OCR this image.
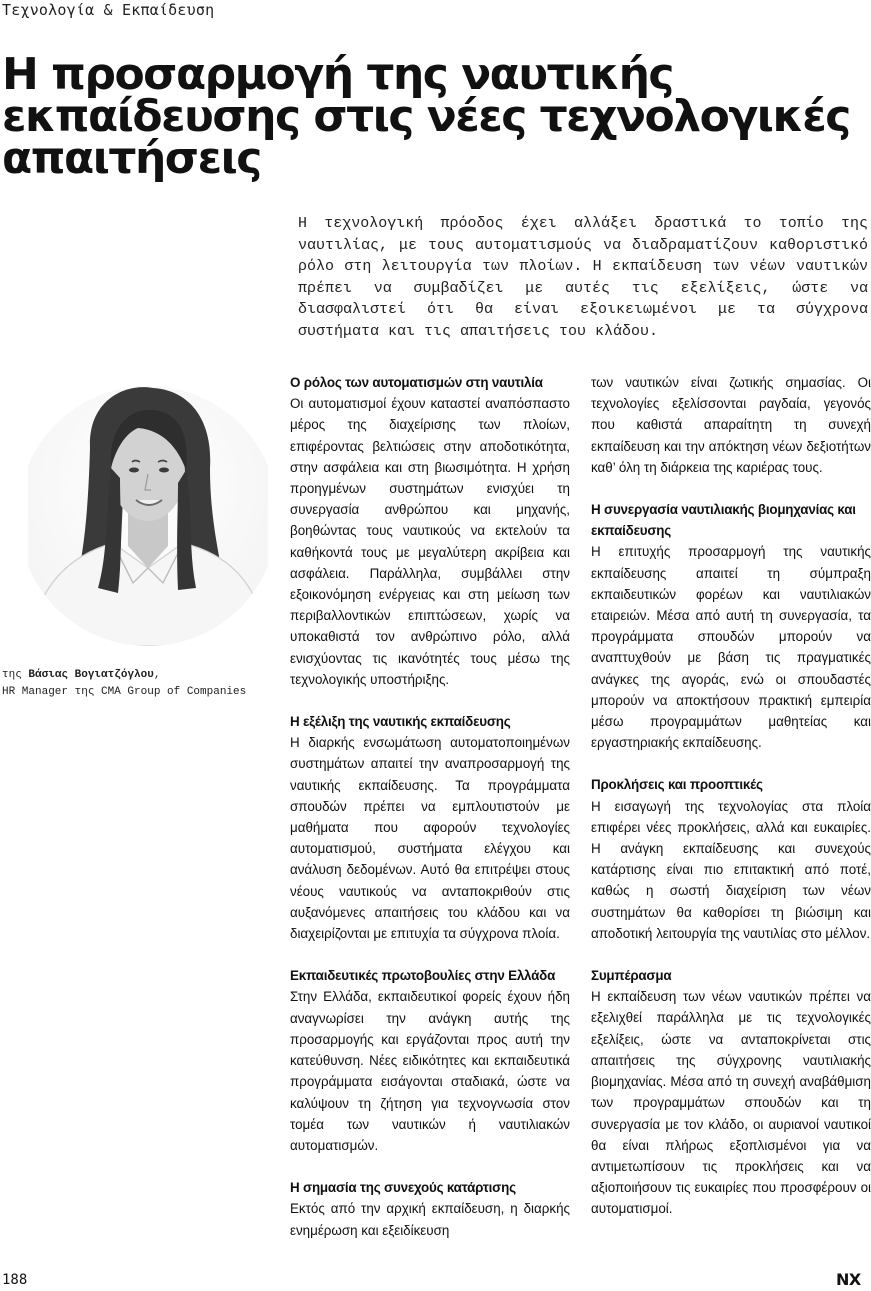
Τεχνολογία & Εκπαίδευση
Η προσαρμογή της ναυτικής εκπαίδευσης στις νέες τεχνολογικές απαιτήσεις
Η τεχνολογική πρόοδος έχει αλλάξει δραστικά το τοπίο της ναυτιλίας, με τους αυτοματισμούς να διαδραματίζουν καθοριστικό ρόλο στη λειτουργία των πλοίων. Η εκπαίδευση των νέων ναυτικών πρέπει να συμβαδίζει με αυτές τις εξελίξεις, ώστε να διασφαλιστεί ότι θα είναι εξοικειωμένοι με τα σύγχρονα συστήματα και τις απαιτήσεις του κλάδου.
της Βάσιας Βογιατζόγλου,
HR Manager της CMA Group of Companies
Ο ρόλος των αυτοματισμών στη ναυτιλία

Οι αυτοματισμοί έχουν καταστεί αναπόσπαστο μέρος της διαχείρισης των πλοίων, επιφέροντας βελτιώσεις στην αποδοτικότητα, στην ασφάλεια και στη βιωσιμότητα. Η χρήση προηγμένων συστημάτων ενισχύει τη συνεργασία ανθρώπου και μηχανής, βοηθώντας τους ναυτικούς να εκτελούν τα καθήκοντά τους με μεγαλύτερη ακρίβεια και ασφάλεια. Παράλληλα, συμβάλλει στην εξοικονόμηση ενέργειας και στη μείωση των περιβαλλοντικών επιπτώσεων, χωρίς να υποκαθιστά τον ανθρώπινο ρόλο, αλλά ενισχύοντας τις ικανότητές τους μέσω της τεχνολογικής υποστήριξης.

Η εξέλιξη της ναυτικής εκπαίδευσης

Η διαρκής ενσωμάτωση αυτοματοποιημένων συστημάτων απαιτεί την αναπροσαρμογή της ναυτικής εκπαίδευσης. Τα προγράμματα σπουδών πρέπει να εμπλουτιστούν με μαθήματα που αφορούν τεχνολογίες αυτοματισμού, συστήματα ελέγχου και ανάλυση δεδομένων. Αυτό θα επιτρέψει στους νέους ναυτικούς να ανταποκριθούν στις αυξανόμενες απαιτήσεις του κλάδου και να διαχειρίζονται με επιτυχία τα σύγχρονα πλοία.

Εκπαιδευτικές πρωτοβουλίες στην Ελλάδα

Στην Ελλάδα, εκπαιδευτικοί φορείς έχουν ήδη αναγνωρίσει την ανάγκη αυτής της προσαρμογής και εργάζονται προς αυτή την κατεύθυνση. Νέες ειδικότητες και εκπαιδευτικά προγράμματα εισάγονται σταδιακά, ώστε να καλύψουν τη ζήτηση για τεχνογνωσία στον τομέα των ναυτικών ή ναυτιλιακών αυτοματισμών.

Η σημασία της συνεχούς κατάρτισης

Εκτός από την αρχική εκπαίδευση, η διαρκής ενημέρωση και εξειδίκευση

των ναυτικών είναι ζωτικής σημασίας. Οι τεχνολογίες εξελίσσονται ραγδαία, γεγονός που καθιστά απαραίτητη τη συνεχή εκπαίδευση και την απόκτηση νέων δεξιοτήτων καθ’ όλη τη διάρκεια της καριέρας τους.

Η συνεργασία ναυτιλιακής βιομηχανίας και εκπαίδευσης

Η επιτυχής προσαρμογή της ναυτικής εκπαίδευσης απαιτεί τη σύμπραξη εκπαιδευτικών φορέων και ναυτιλιακών εταιρειών. Μέσα από αυτή τη συνεργασία, τα προγράμματα σπουδών μπορούν να αναπτυχθούν με βάση τις πραγματικές ανάγκες της αγοράς, ενώ οι σπουδαστές μπορούν να αποκτήσουν πρακτική εμπειρία μέσω προγραμμάτων μαθητείας και εργαστηριακής εκπαίδευσης.

Προκλήσεις και προοπτικές

Η εισαγωγή της τεχνολογίας στα πλοία επιφέρει νέες προκλήσεις, αλλά και ευκαιρίες. Η ανάγκη εκπαίδευσης και συνεχούς κατάρτισης είναι πιο επιτακτική από ποτέ, καθώς η σωστή διαχείριση των νέων συστημάτων θα καθορίσει τη βιώσιμη και αποδοτική λειτουργία της ναυτιλίας στο μέλλον.

Συμπέρασμα

Η εκπαίδευση των νέων ναυτικών πρέπει να εξελιχθεί παράλληλα με τις τεχνολογικές εξελίξεις, ώστε να ανταποκρίνεται στις απαιτήσεις της σύγχρονης ναυτιλιακής βιομηχανίας. Μέσα από τη συνεχή αναβάθμιση των προγραμμάτων σπουδών και τη συνεργασία με τον κλάδο, οι αυριανοί ναυτικοί θα είναι πλήρως εξοπλισμένοι για να αντιμετωπίσουν τις προκλήσεις και να αξιοποιήσουν τις ευκαιρίες που προσφέρουν οι αυτοματισμοί.

188	NX
